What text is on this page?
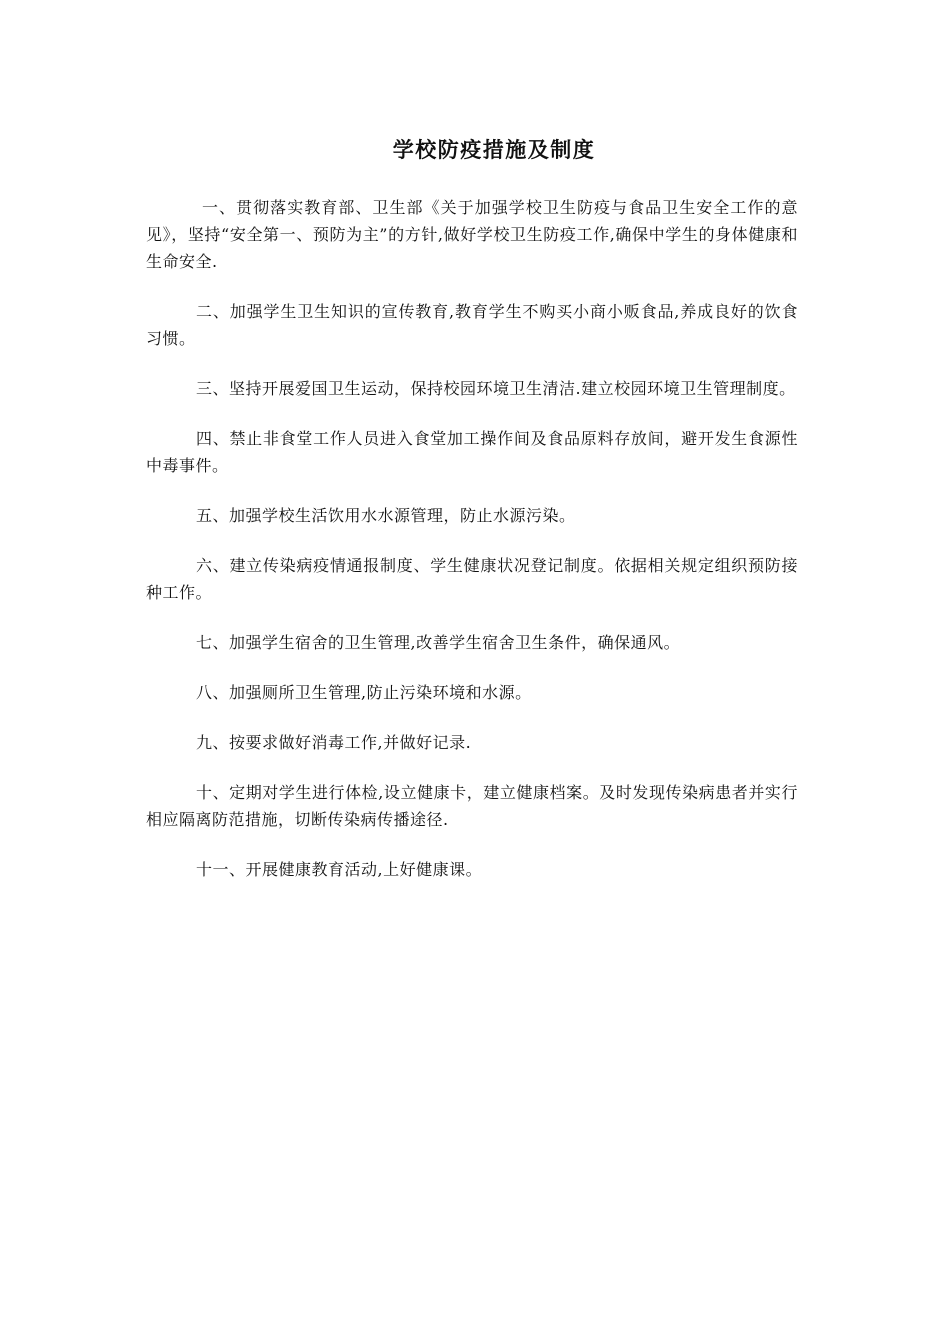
学校防疫措施及制度

一、贯彻落实教育部、卫生部《关于加强学校卫生防疫与食品卫生安全工作的意见》，坚持“安全第一、预防为主”的方针,做好学校卫生防疫工作,确保中学生的身体健康和生命安全.

二、加强学生卫生知识的宣传教育,教育学生不购买小商小贩食品,养成良好的饮食习惯。

三、坚持开展爱国卫生运动，保持校园环境卫生清洁.建立校园环境卫生管理制度。

四、禁止非食堂工作人员进入食堂加工操作间及食品原料存放间，避开发生食源性中毒事件。

五、加强学校生活饮用水水源管理，防止水源污染。

六、建立传染病疫情通报制度、学生健康状况登记制度。依据相关规定组织预防接种工作。

七、加强学生宿舍的卫生管理,改善学生宿舍卫生条件，确保通风。

八、加强厕所卫生管理,防止污染环境和水源。

九、按要求做好消毒工作,并做好记录.

十、定期对学生进行体检,设立健康卡，建立健康档案。及时发现传染病患者并实行相应隔离防范措施，切断传染病传播途径.

十一、开展健康教育活动,上好健康课。
